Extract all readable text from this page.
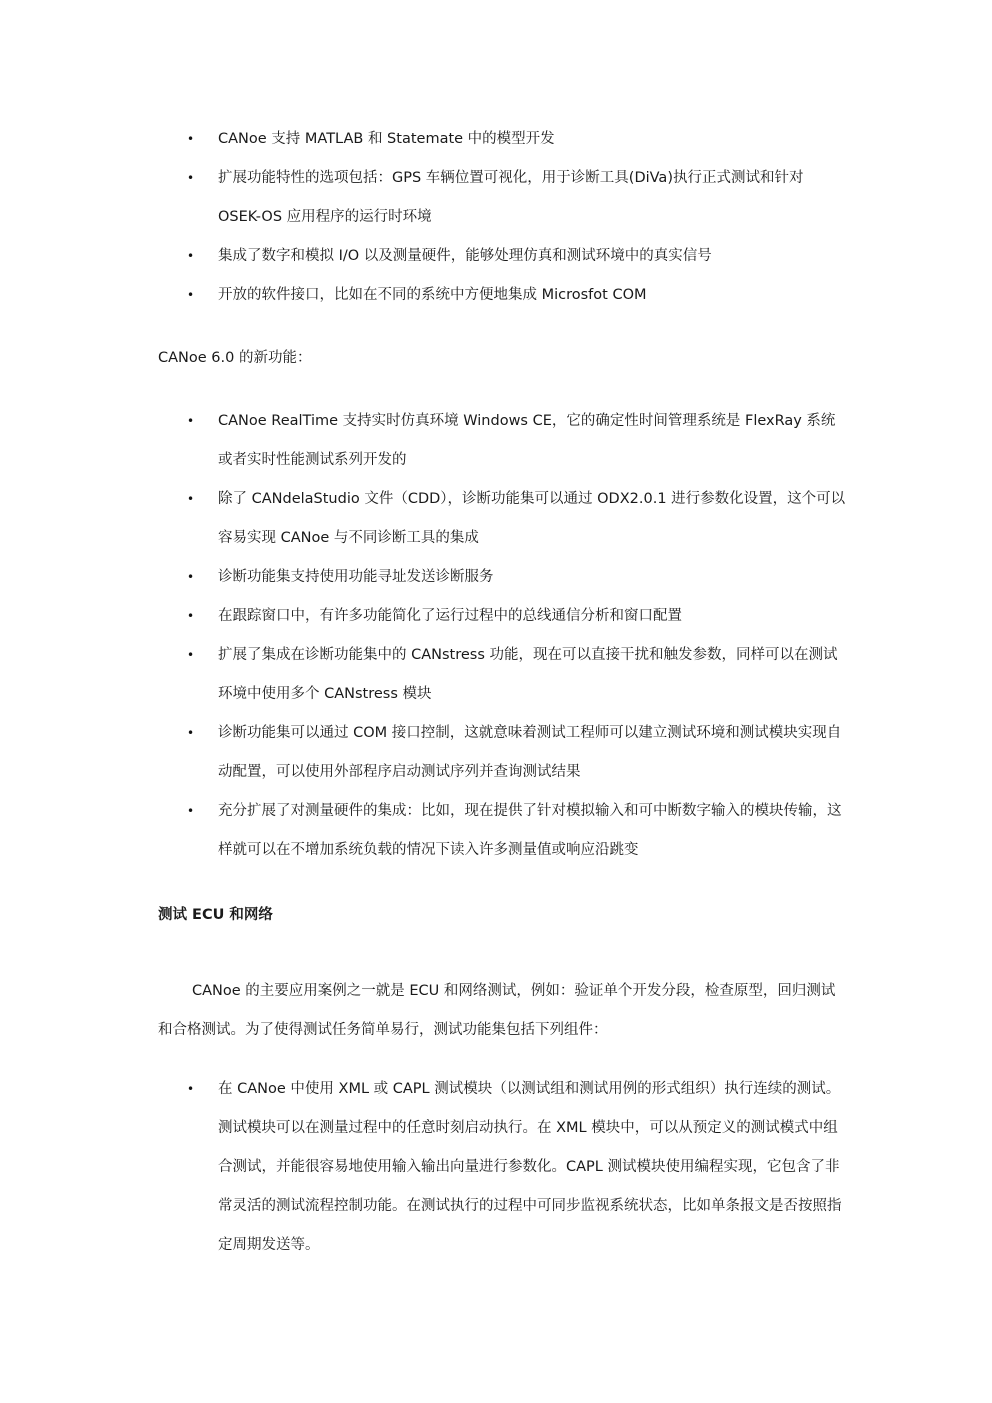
• CANoe 支持 MATLAB 和 Statemate 中的模型开发
• 扩展功能特性的选项包括：GPS 车辆位置可视化，用于诊断工具(DiVa)执行正式测试和针对 OSEK-OS 应用程序的运行时环境
• 集成了数字和模拟 I/O 以及测量硬件，能够处理仿真和测试环境中的真实信号
• 开放的软件接口，比如在不同的系统中方便地集成 Microsfot COM

CANoe 6.0 的新功能：

• CANoe RealTime 支持实时仿真环境 Windows CE，它的确定性时间管理系统是 FlexRay 系统或者实时性能测试系列开发的
• 除了 CANdelaStudio 文件（CDD），诊断功能集可以通过 ODX2.0.1 进行参数化设置，这个可以容易实现 CANoe 与不同诊断工具的集成
• 诊断功能集支持使用功能寻址发送诊断服务
• 在跟踪窗口中，有许多功能简化了运行过程中的总线通信分析和窗口配置
• 扩展了集成在诊断功能集中的 CANstress 功能，现在可以直接干扰和触发参数，同样可以在测试环境中使用多个 CANstress 模块
• 诊断功能集可以通过 COM 接口控制，这就意味着测试工程师可以建立测试环境和测试模块实现自动配置，可以使用外部程序启动测试序列并查询测试结果
• 充分扩展了对测量硬件的集成：比如，现在提供了针对模拟输入和可中断数字输入的模块传输，这样就可以在不增加系统负载的情况下读入许多测量值或响应沿跳变

测试 ECU 和网络

CANoe 的主要应用案例之一就是 ECU 和网络测试，例如：验证单个开发分段，检查原型，回归测试和合格测试。为了使得测试任务简单易行，测试功能集包括下列组件：

• 在 CANoe 中使用 XML 或 CAPL 测试模块（以测试组和测试用例的形式组织）执行连续的测试。测试模块可以在测量过程中的任意时刻启动执行。在 XML 模块中，可以从预定义的测试模式中组合测试，并能很容易地使用输入输出向量进行参数化。CAPL 测试模块使用编程实现，它包含了非常灵活的测试流程控制功能。在测试执行的过程中可同步监视系统状态，比如单条报文是否按照指定周期发送等。
